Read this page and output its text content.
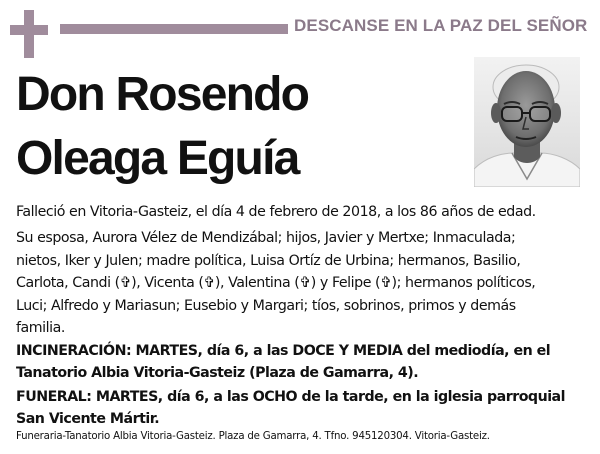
DESCANSE EN LA PAZ DEL SEÑOR
Don Rosendo
Oleaga Eguía
Falleció en Vitoria-Gasteiz, el día 4 de febrero de 2018, a los 86 años de edad.
Su esposa, Aurora Vélez de Mendizábal; hijos, Javier y Mertxe; Inmaculada;
nietos, Iker y Julen; madre política, Luisa Ortíz de Urbina; hermanos, Basilio,
Carlota, Candi (✞), Vicenta (✞), Valentina (✞) y Felipe (✞); hermanos políticos,
Luci; Alfredo y Mariasun; Eusebio y Margari; tíos, sobrinos, primos y demás
familia.
INCINERACIÓN: MARTES, día 6, a las DOCE Y MEDIA del mediodía, en el
Tanatorio Albia Vitoria-Gasteiz (Plaza de Gamarra, 4).
FUNERAL: MARTES, día 6, a las OCHO de la tarde, en la iglesia parroquial
San Vicente Mártir.
Funeraria-Tanatorio Albia Vitoria-Gasteiz. Plaza de Gamarra, 4. Tfno. 945120304. Vitoria-Gasteiz.
